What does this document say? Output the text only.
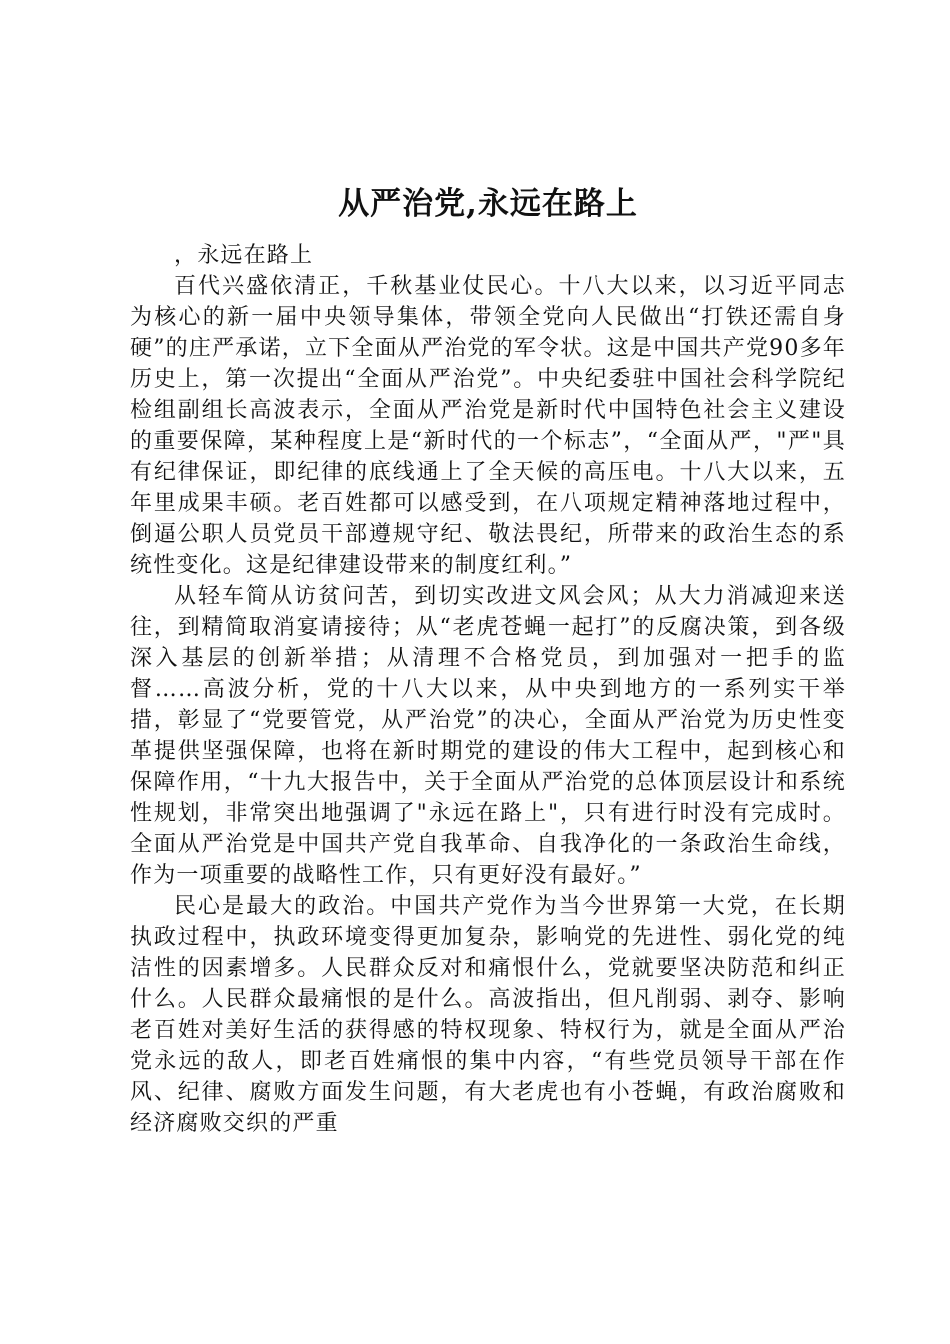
从严治党,永远在路上

，永远在路上

百代兴盛依清正，千秋基业仗民心。十八大以来，以习近平同志为核心的新一届中央领导集体，带领全党向人民做出“打铁还需自身硬”的庄严承诺，立下全面从严治党的军令状。这是中国共产党90多年历史上，第一次提出“全面从严治党”。中央纪委驻中国社会科学院纪检组副组长高波表示，全面从严治党是新时代中国特色社会主义建设的重要保障，某种程度上是“新时代的一个标志”，“全面从严，"严"具有纪律保证，即纪律的底线通上了全天候的高压电。十八大以来，五年里成果丰硕。老百姓都可以感受到，在八项规定精神落地过程中，倒逼公职人员党员干部遵规守纪、敬法畏纪，所带来的政治生态的系统性变化。这是纪律建设带来的制度红利。”

从轻车简从访贫问苦，到切实改进文风会风；从大力消减迎来送往，到精简取消宴请接待；从“老虎苍蝇一起打”的反腐决策，到各级深入基层的创新举措；从清理不合格党员，到加强对一把手的监督……高波分析，党的十八大以来，从中央到地方的一系列实干举措，彰显了“党要管党，从严治党”的决心，全面从严治党为历史性变革提供坚强保障，也将在新时期党的建设的伟大工程中，起到核心和保障作用，“十九大报告中，关于全面从严治党的总体顶层设计和系统性规划，非常突出地强调了"永远在路上"，只有进行时没有完成时。全面从严治党是中国共产党自我革命、自我净化的一条政治生命线，作为一项重要的战略性工作，只有更好没有最好。”

民心是最大的政治。中国共产党作为当今世界第一大党，在长期执政过程中，执政环境变得更加复杂，影响党的先进性、弱化党的纯洁性的因素增多。人民群众反对和痛恨什么，党就要坚决防范和纠正什么。人民群众最痛恨的是什么。高波指出，但凡削弱、剥夺、影响老百姓对美好生活的获得感的特权现象、特权行为，就是全面从严治党永远的敌人，即老百姓痛恨的集中内容，“有些党员领导干部在作风、纪律、腐败方面发生问题，有大老虎也有小苍蝇，有政治腐败和经济腐败交织的严重
